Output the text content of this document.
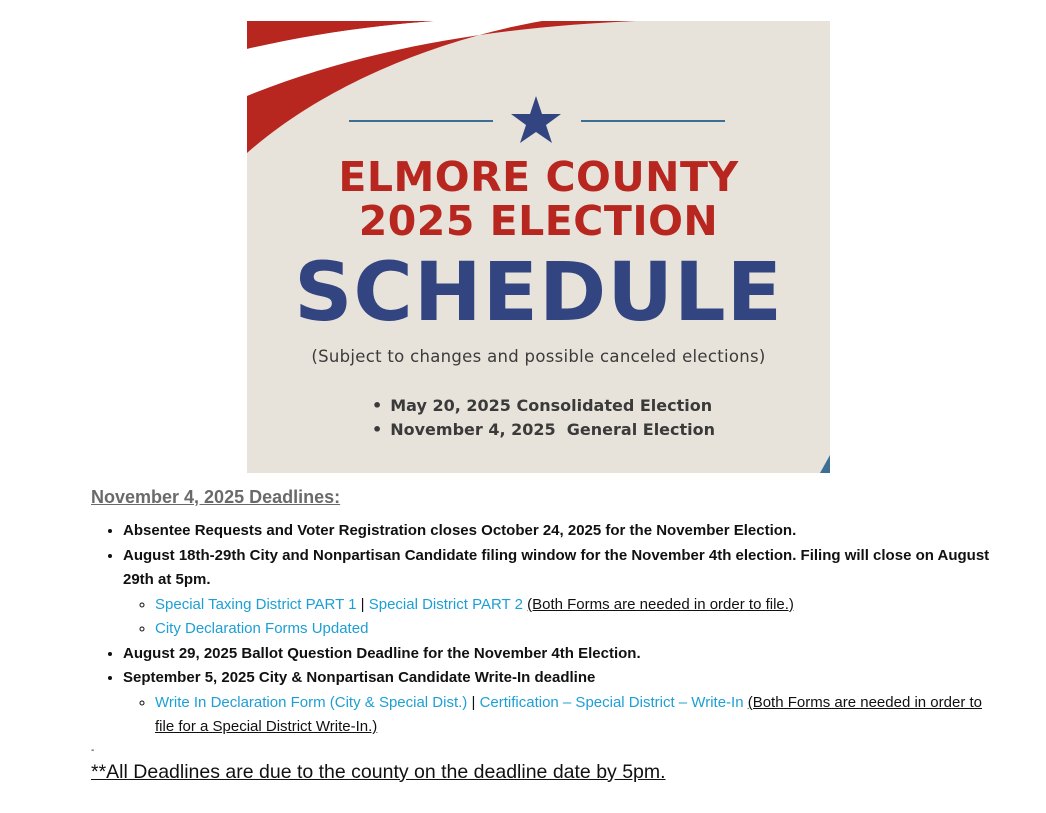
ELMORE COUNTY
2025 ELECTION
SCHEDULE
(Subject to changes and possible canceled elections)
• May 20, 2025 Consolidated Election
• November 4, 2025  General Election
November 4, 2025 Deadlines:
• Absentee Requests and Voter Registration closes October 24, 2025 for the November Election.
• August 18th-29th City and Nonpartisan Candidate filing window for the November 4th election. Filing will close on August 29th at 5pm.
◦ Special Taxing District PART 1 | Special District PART 2 (Both Forms are needed in order to file.)
◦ City Declaration Forms Updated
• August 29, 2025 Ballot Question Deadline for the November 4th Election.
• September 5, 2025 City & Nonpartisan Candidate Write-In deadline
◦ Write In Declaration Form (City & Special Dist.) | Certification – Special District – Write-In (Both Forms are needed in order to file for a Special District Write-In.)
-

**All Deadlines are due to the county on the deadline date by 5pm.
